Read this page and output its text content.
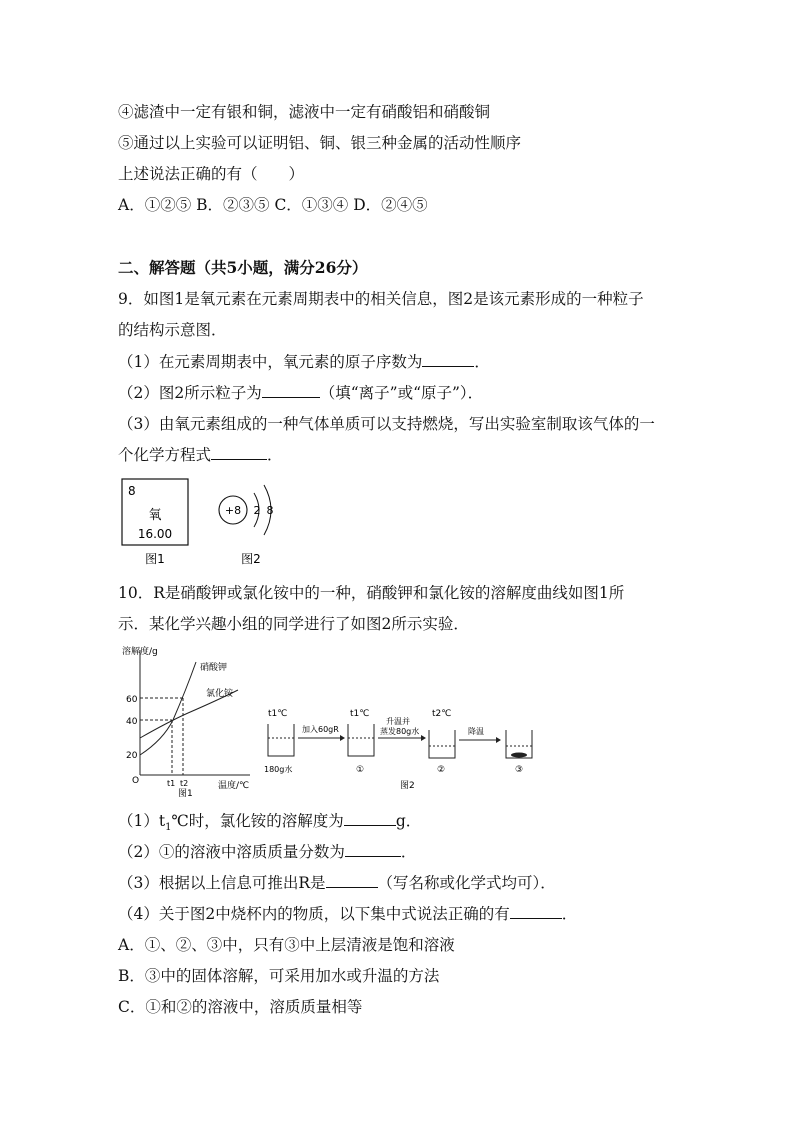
④滤渣中一定有银和铜，滤液中一定有硝酸铝和硝酸铜
⑤通过以上实验可以证明铝、铜、银三种金属的活动性顺序
上述说法正确的有（　　）
A．①②⑤ B．②③⑤ C．①③④ D．②④⑤
二、解答题（共5小题，满分26分）
9．如图1是氧元素在元素周期表中的相关信息，图2是该元素形成的一种粒子
的结构示意图．
（1）在元素周期表中，氧元素的原子序数为	．
（2）图2所示粒子为	（填“离子”或“原子”）．
（3）由氧元素组成的一种气体单质可以支持燃烧，写出实验室制取该气体的一
个化学方程式	．
8
氧
16.00
图1
+8 2 8
图2
10．R是硝酸钾或氯化铵中的一种，硝酸钾和氯化铵的溶解度曲线如图1所
示．某化学兴趣小组的同学进行了如图2所示实验．
溶解度/g
温度/℃
O
20
40
60
硝酸钾
氯化铵
t1 t2
图1
t1℃
180g水
加入60gR
t1℃
①
升温并
蒸发80g水
t2℃
②
降温
③
图2
$(1)t_1℃$时，氯化铵的溶解度为	g．
（2）①的溶液中溶质质量分数为	．
（3）根据以上信息可推出R是	（写名称或化学式均可）．
（4）关于图2中烧杯内的物质，以下集中式说法正确的有	．
A．①、②、③中，只有③中上层清液是饱和溶液
B．③中的固体溶解，可采用加水或升温的方法
C．①和②的溶液中，溶质质量相等
